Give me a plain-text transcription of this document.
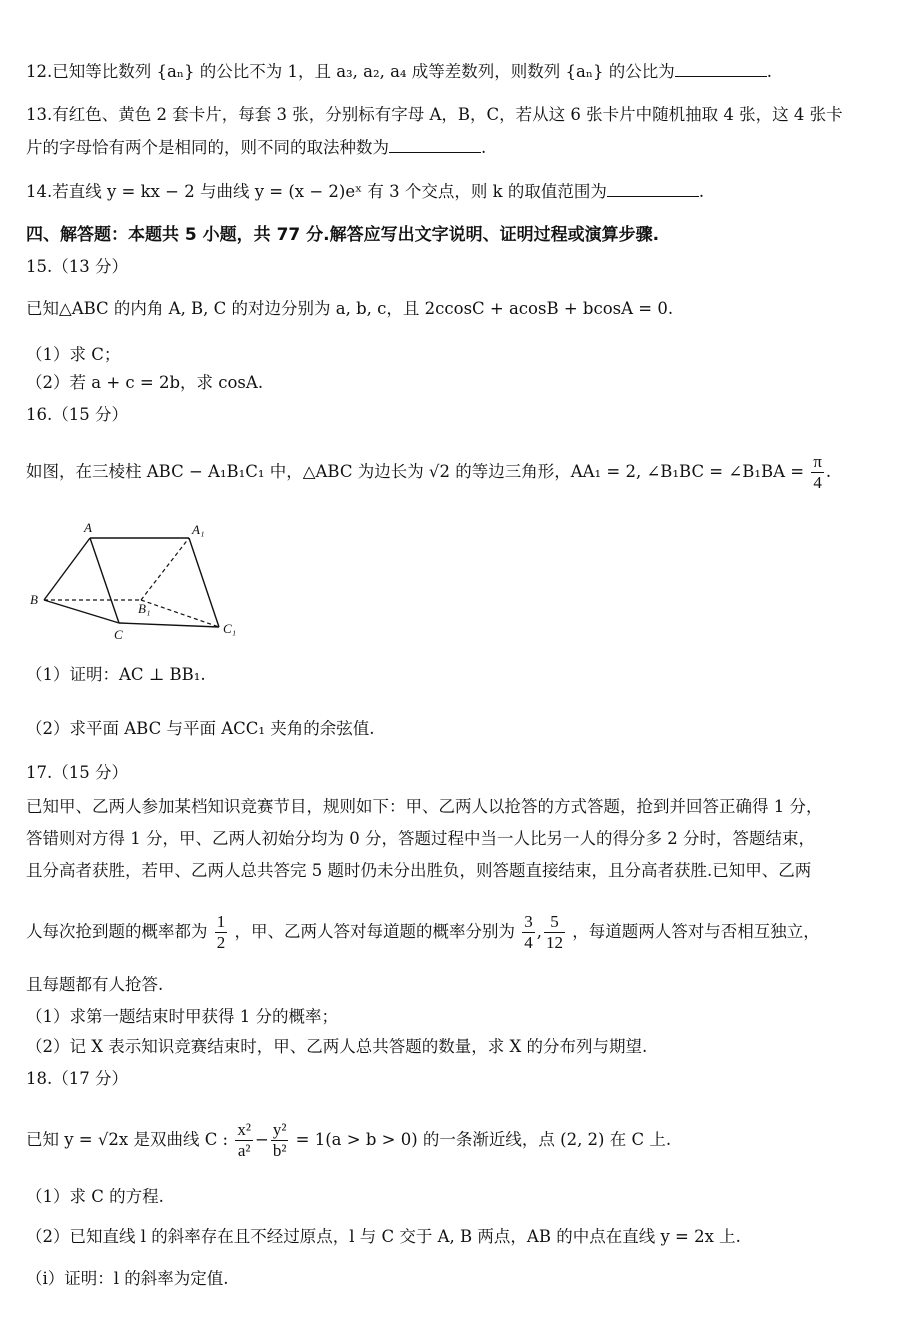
12.已知等比数列 {aₙ} 的公比不为 1，且 a₃, a₂, a₄ 成等差数列，则数列 {aₙ} 的公比为	.
13.有红色、黄色 2 套卡片，每套 3 张，分别标有字母 A，B，C，若从这 6 张卡片中随机抽取 4 张，这 4 张卡
片的字母恰有两个是相同的，则不同的取法种数为	.
14.若直线 y = kx − 2 与曲线 y = (x − 2)eˣ 有 3 个交点，则 k 的取值范围为	.
四、解答题：本题共 5 小题，共 77 分.解答应写出文字说明、证明过程或演算步骤.
15.（13 分）
已知△ABC 的内角 A, B, C 的对边分别为 a, b, c，且 2ccosC + acosB + bcosA = 0.
（1）求 C；
（2）若 a + c = 2b，求 cosA.
16.（15 分）
如图，在三棱柱 ABC − A₁B₁C₁ 中，△ABC 为边长为 √2 的等边三角形，AA₁ = 2, ∠B₁BC = ∠B₁BA = $\frac{\pi}{4}$ .
A	A₁
B
B₁
C	C₁
（1）证明：AC ⊥ BB₁.
（2）求平面 ABC 与平面 ACC₁ 夹角的余弦值.
17.（15 分）
已知甲、乙两人参加某档知识竞赛节目，规则如下：甲、乙两人以抢答的方式答题，抢到并回答正确得 1 分，
答错则对方得 1 分，甲、乙两人初始分均为 0 分，答题过程中当一人比另一人的得分多 2 分时，答题结束，
且分高者获胜，若甲、乙两人总共答完 5 题时仍未分出胜负，则答题直接结束，且分高者获胜.已知甲、乙两
人每次抢到题的概率都为 $\frac{1}{2}$ ，甲、乙两人答对每道题的概率分别为 $\frac{3}{4}$ , $\frac{5}{12}$ ，每道题两人答对与否相互独立，
且每题都有人抢答.
（1）求第一题结束时甲获得 1 分的概率；
（2）记 X 表示知识竞赛结束时，甲、乙两人总共答题的数量，求 X 的分布列与期望.
18.（17 分）
已知 y = √2x 是双曲线 C : $\frac{\text{x²}}{\text{a²}} - \frac{\text{y²}}{\text{b²}} = 1(a > b > 0)$ 的一条渐近线，点 (2, 2) 在 C 上.
（1）求 C 的方程.
（2）已知直线 l 的斜率存在且不经过原点，l 与 C 交于 A, B 两点，AB 的中点在直线 y = 2x 上.
（i）证明：l 的斜率为定值.
